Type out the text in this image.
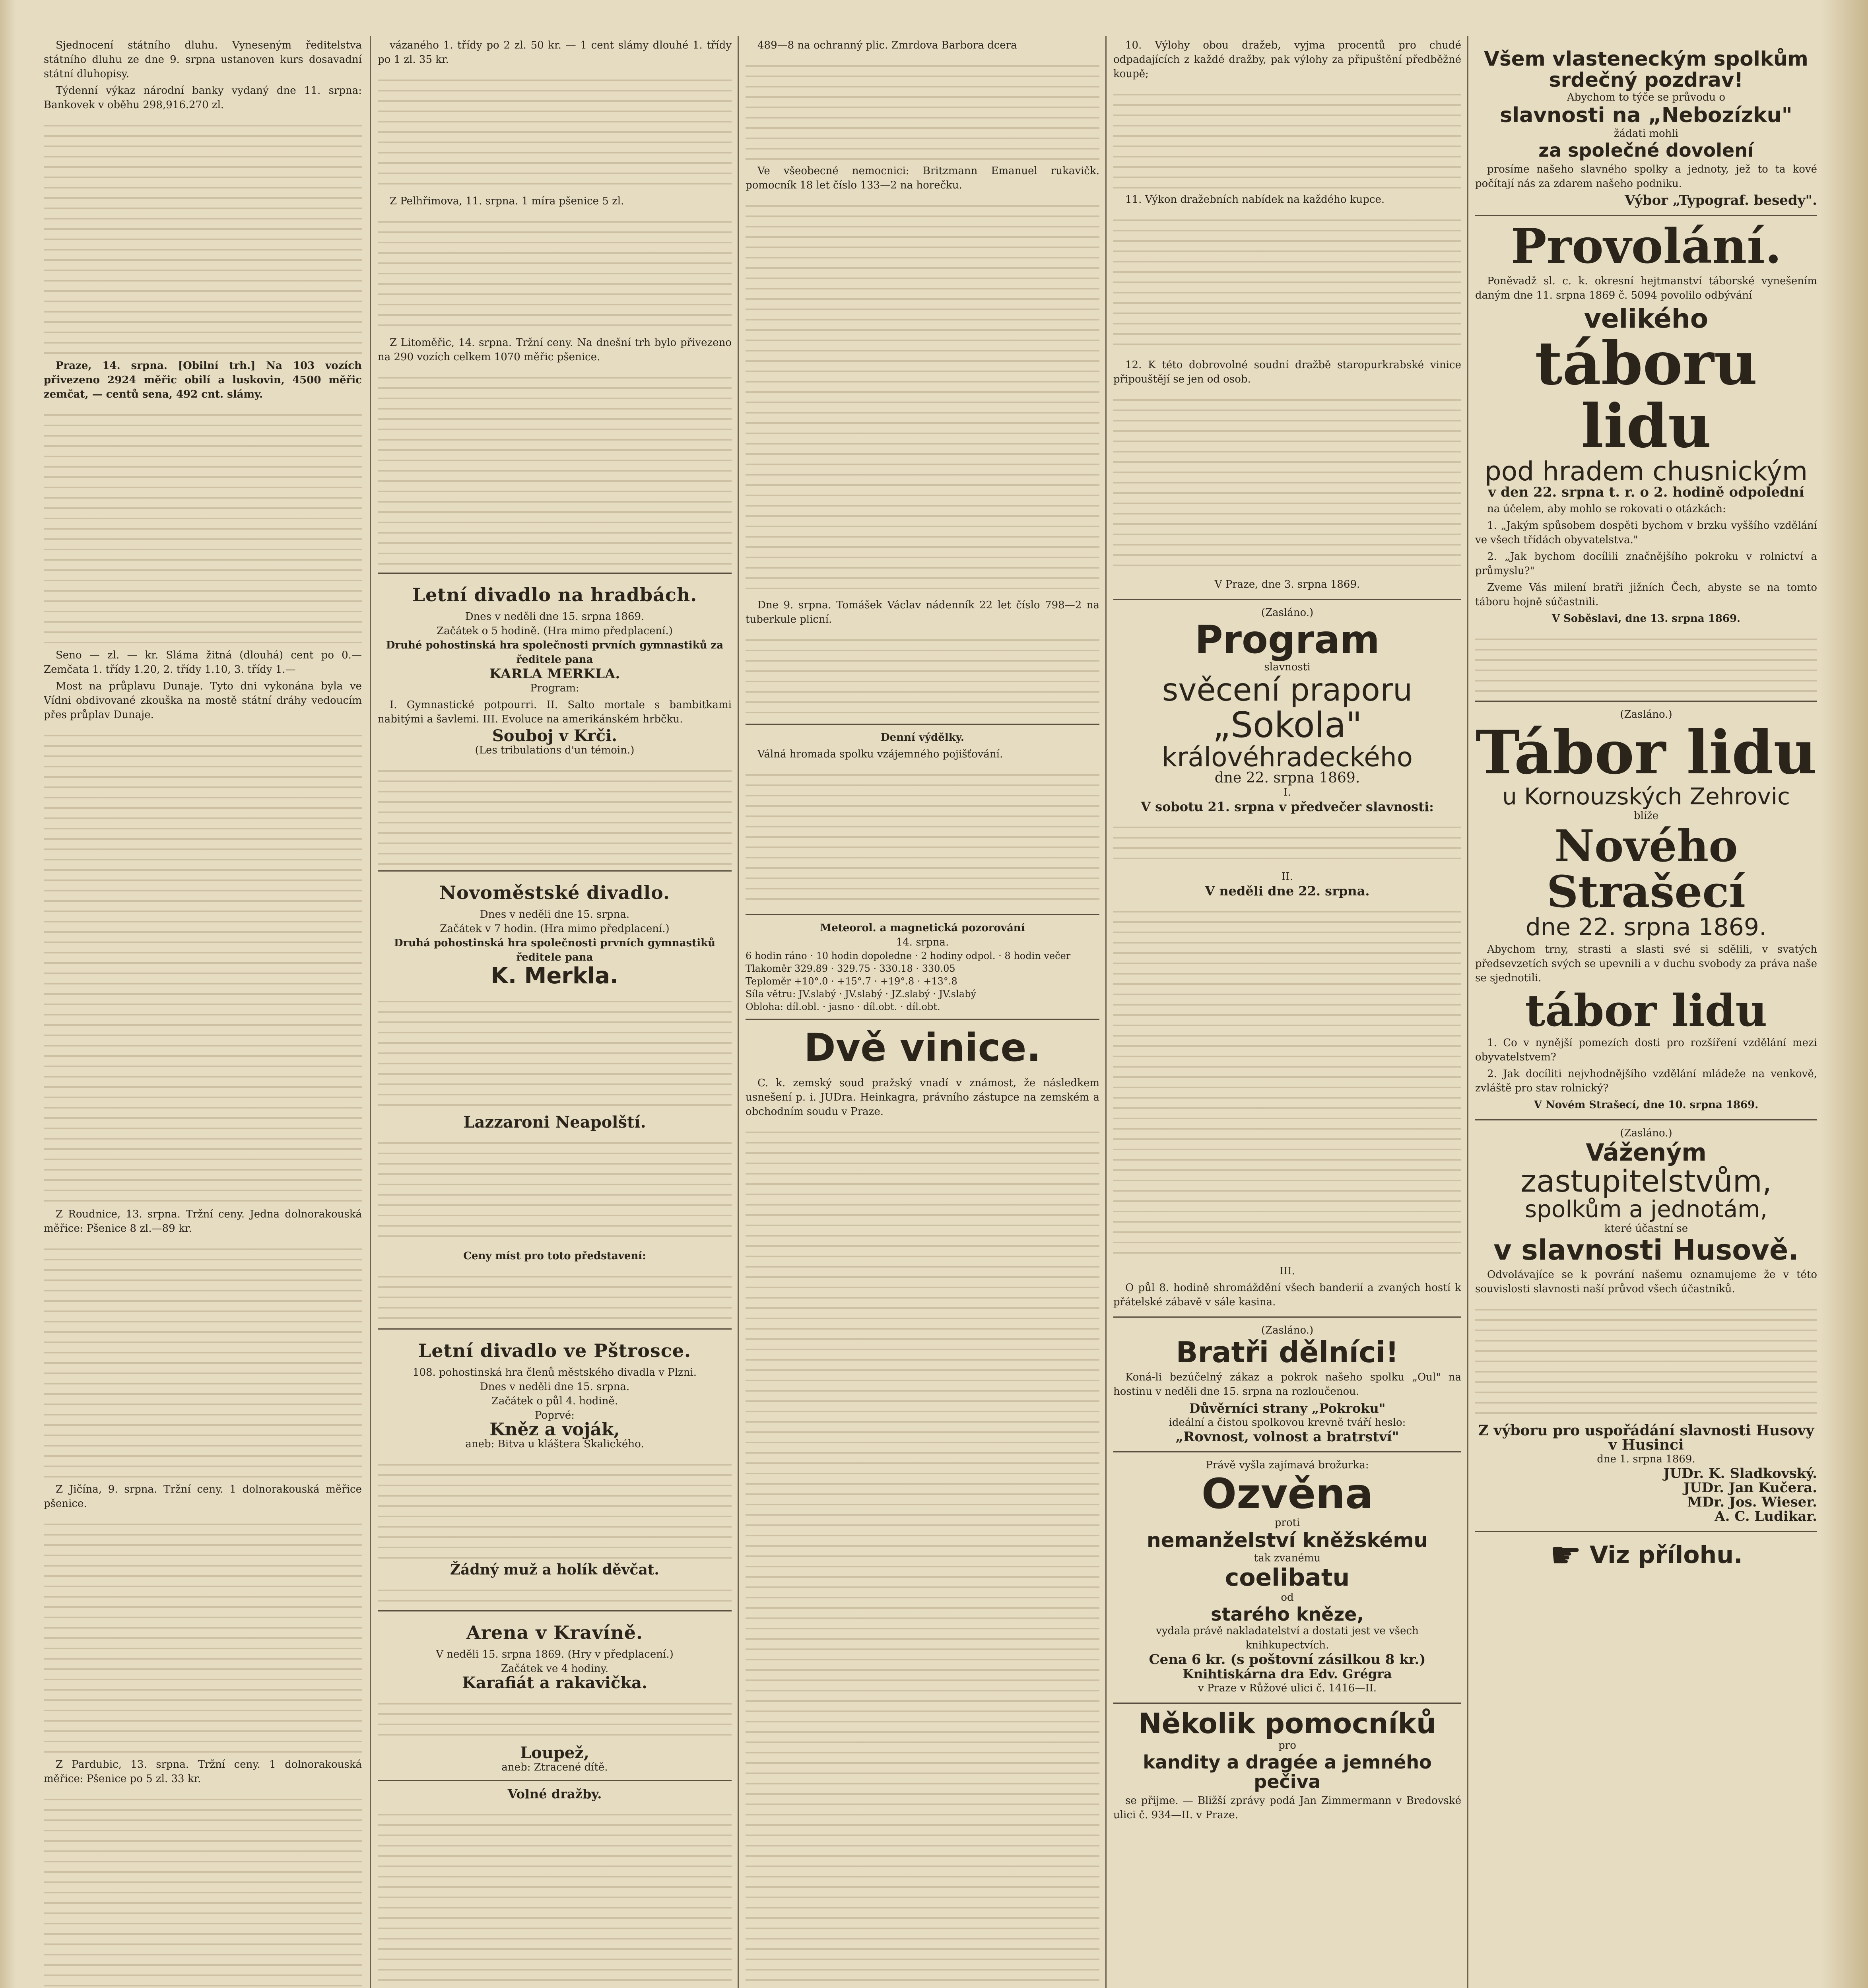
Sjednocení státního dluhu. Vyneseným ředitelstva státního dluhu ze dne 9. srpna ustanoven kurs dosavadní státní dluhopisy.

Týdenní výkaz národní banky vydaný dne 11. srpna: Bankovek v oběhu 298,916.270 zl.

Praze, 14. srpna. [Obilní trh.] Na 103 vozích přivezeno 2924 měřic obilí a luskovin, 4500 měřic zemčat, — centů sena, 492 cnt. slámy.

Seno — zl. — kr. Sláma žitná (dlouhá) cent po 0.— Zemčata 1. třídy 1.20, 2. třídy 1.10, 3. třídy 1.—

Most na průplavu Dunaje. Tyto dni vykonána byla ve Vídni obdivované zkouška na mostě státní dráhy vedoucím přes průplav Dunaje.

Z Roudnice, 13. srpna. Tržní ceny. Jedna dolnorakouská měřice: Pšenice 8 zl.—89 kr.

Z Jičína, 9. srpna. Tržní ceny. 1 dolnorakouská měřice pšenice.

Z Pardubic, 13. srpna. Tržní ceny. 1 dolnorakouská měřice: Pšenice po 5 zl. 33 kr.

vázaného 1. třídy po 2 zl. 50 kr. — 1 cent slámy dlouhé 1. třídy po 1 zl. 35 kr.

Z Pelhřimova, 11. srpna. 1 míra pšenice 5 zl.

Z Litoměřic, 14. srpna. Tržní ceny. Na dnešní trh bylo přivezeno na 290 vozích celkem 1070 měřic pšenice.

Letní divadlo na hradbách.
Dnes v neděli dne 15. srpna 1869.
Začátek o 5 hodině. (Hra mimo předplacení.)
Druhé pohostinská hra společnosti prvních gymnastiků za ředitele pana
KARLA MERKLA.
Program:

I. Gymnastické potpourri. II. Salto mortale s bambitkami nabitými a šavlemi. III. Evoluce na amerikánském hrbčku.

Souboj v Krči.
(Les tribulations d'un témoin.)
Novoměstské divadlo.
Dnes v neděli dne 15. srpna.
Začátek v 7 hodin. (Hra mimo předplacení.)
Druhá pohostinská hra společnosti prvních gymnastiků ředitele pana
K. Merkla.
Lazzaroni Neapolští.
Ceny míst pro toto představení:
Letní divadlo ve Pštrosce.
108. pohostinská hra členů městského divadla v Plzni.
Dnes v neděli dne 15. srpna.
Začátek o půl 4. hodině.
Poprvé:
Kněz a voják,
aneb: Bitva u kláštera Skalického.
Žádný muž a holík děvčat.
Arena v Kravíně.
V neděli 15. srpna 1869. (Hry v předplacení.)
Začátek ve 4 hodiny.
Karafiát a rakavička.
Loupež,
aneb: Ztracené dítě.
Volné dražby.

489—8 na ochranný plic. Zmrdova Barbora dcera

Ve všeobecné nemocnici: Britzmann Emanuel rukavičk. pomocník 18 let číslo 133—2 na horečku.

Dne 9. srpna. Tomášek Václav nádenník 22 let číslo 798—2 na tuberkule plicní.

Denní výdělky.

Válná hromada spolku vzájemného pojišťování.

Meteorol. a magnetická pozorování
14. srpna.
6 hodin ráno · 10 hodin dopoledne · 2 hodiny odpol. · 8 hodin večer
Tlakoměr 329.89 · 329.75 · 330.18 · 330.05
Teploměr +10°.0 · +15°.7 · +19°.8 · +13°.8
Síla větru: JV.slabý · JV.slabý · JZ.slabý · JV.slabý
Obloha: díl.obl. · jasno · díl.obt. · díl.obt.
Dvě vinice.

C. k. zemský soud pražský vnadí v známost, že následkem usnešení p. i. JUDra. Heinkagra, právního zástupce na zemském a obchodním soudu v Praze.

10. Výlohy obou dražeb, vyjma procentů pro chudé odpadajících z každé dražby, pak výlohy za připuštění předběžné koupě;

11. Výkon dražebních nabídek na každého kupce.

12. K této dobrovolné soudní dražbě staropurkrabské vinice připouštějí se jen od osob.

V Praze, dne 3. srpna 1869.
(Zasláno.)
Program
slavnosti
svěcení praporu
„Sokola"
královéhradeckého
dne 22. srpna 1869.
I.
V sobotu 21. srpna v předvečer slavnosti:
II.
V neděli dne 22. srpna.
III.

O půl 8. hodině shromáždění všech banderií a zvaných hostí k přátelské zábavě v sále kasina.

(Zasláno.)
Bratři dělníci!

Koná-li bezúčelný zákaz a pokrok našeho spolku „Oul" na hostinu v neděli dne 15. srpna na rozloučenou.

Důvěrníci strany „Pokroku"
ideální a čistou spolkovou krevně tváří heslo:
„Rovnost, volnost a bratrství"
Právě vyšla zajímavá brožurka:
Ozvěna
proti
nemanželství kněžskému
tak zvanému
coelibatu
od
starého kněze,
vydala právě nakladatelství a dostati jest ve všech knihkupectvích.
Cena 6 kr. (s poštovní zásilkou 8 kr.)
Knihtiskárna dra Edv. Grégra
v Praze v Růžové ulici č. 1416—II.
Několik pomocníků
pro
kandity a dragée a jemného
pečiva

se přijme. — Bližší zprávy podá Jan Zimmermann v Bredovské ulici č. 934—II. v Praze.

Všem vlasteneckým spolkům
srdečný pozdrav!
Abychom to týče se průvodu o
slavnosti na „Nebozízku"
žádati mohli
za společné dovolení

prosíme našeho slavného spolky a jednoty, jež to ta kové počítají nás za zdarem našeho podniku.

Výbor „Typograf. besedy".
Provolání.

Poněvadž sl. c. k. okresní hejtmanství táborské vynešením daným dne 11. srpna 1869 č. 5094 povolilo odbývání

velikého
táboru lidu
pod hradem chusnickým
v den 22. srpna t. r. o 2. hodině odpolední

na účelem, aby mohlo se rokovati o otázkách:

1. „Jakým spůsobem dospěti bychom v brzku vyššího vzdělání ve všech třídách obyvatelstva."

2. „Jak bychom docílili značnějšího pokroku v rolnictví a průmyslu?"

Zveme Vás milení bratři jižních Čech, abyste se na tomto táboru hojně súčastnili.

V Soběslavi, dne 13. srpna 1869.
(Zasláno.)
Tábor lidu
u Kornouzských Zehrovic
blíže
Nového Strašecí
dne 22. srpna 1869.

Abychom trny, strasti a slasti své si sdělili, v svatých předsevzetích svých se upevnili a v duchu svobody za práva naše se sjednotili.

tábor lidu

1. Co v nynější pomezích dosti pro rozšíření vzdělání mezi obyvatelstvem?

2. Jak docíliti nejvhodnějšího vzdělání mládeže na venkově, zvláště pro stav rolnický?

V Novém Strašecí, dne 10. srpna 1869.
(Zasláno.)
Váženým
zastupitelstvům,
spolkům a jednotám,
které účastní se
v slavnosti Husově.

Odvolávajíce se k povrání našemu oznamujeme že v této souvislosti slavnosti naší průvod všech účastníků.

Z výboru pro uspořádání slavnosti Husovy v Husinci
dne 1. srpna 1869.
JUDr. K. Sladkovský.
JUDr. Jan Kučera.
MDr. Jos. Wieser.
A. C. Ludikar.
☛ Viz přílohu.
